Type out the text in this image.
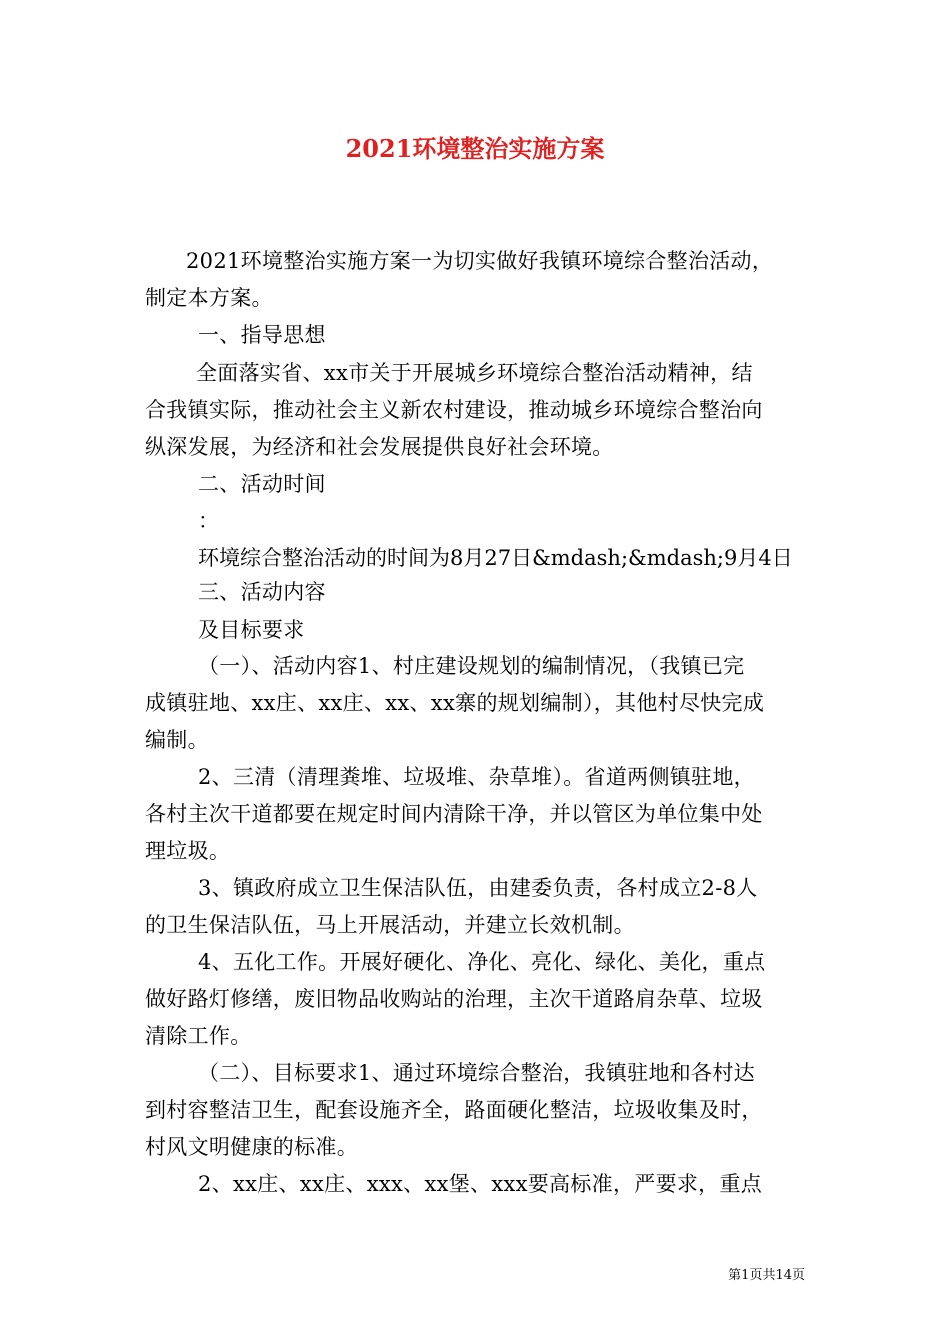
2021环境整治实施方案
2021环境整治实施方案一为切实做好我镇环境综合整治活动，
制定本方案。
一、指导思想
全面落实省、xx市关于开展城乡环境综合整治活动精神，结
合我镇实际，推动社会主义新农村建设，推动城乡环境综合整治向
纵深发展，为经济和社会发展提供良好社会环境。
二、活动时间
：
环境综合整治活动的时间为8月27日&mdash;&mdash;9月4日
三、活动内容
及目标要求
（一）、活动内容1、村庄建设规划的编制情况，（我镇已完
成镇驻地、xx庄、xx庄、xx、xx寨的规划编制），其他村尽快完成
编制。
2、三清（清理粪堆、垃圾堆、杂草堆）。省道两侧镇驻地，
各村主次干道都要在规定时间内清除干净，并以管区为单位集中处
理垃圾。
3、镇政府成立卫生保洁队伍，由建委负责，各村成立2-8人
的卫生保洁队伍，马上开展活动，并建立长效机制。
4、五化工作。开展好硬化、净化、亮化、绿化、美化，重点
做好路灯修缮，废旧物品收购站的治理，主次干道路肩杂草、垃圾
清除工作。
（二）、目标要求1、通过环境综合整治，我镇驻地和各村达
到村容整洁卫生，配套设施齐全，路面硬化整洁，垃圾收集及时，
村风文明健康的标准。
2、xx庄、xx庄、xxx、xx堡、xxx要高标准，严要求，重点
第1页共14页
